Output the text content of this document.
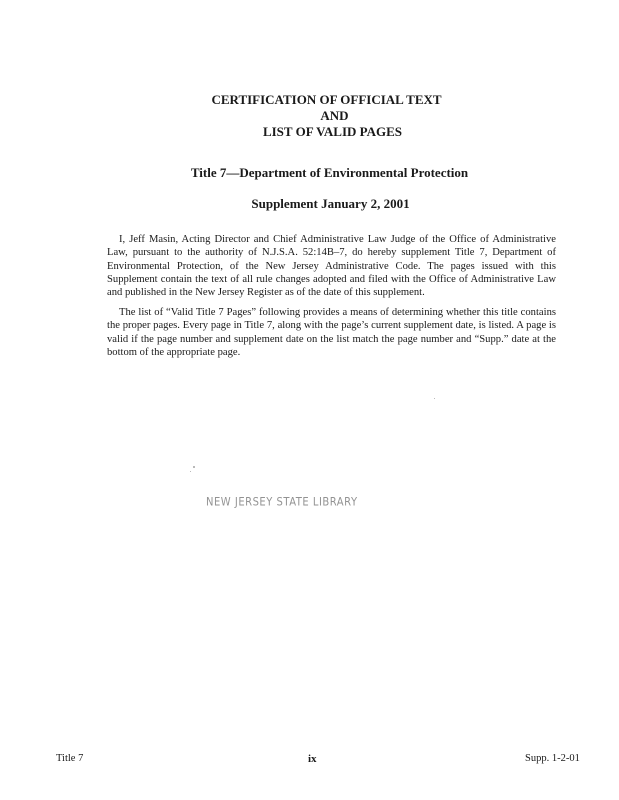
CERTIFICATION OF OFFICIAL TEXT
AND
LIST OF VALID PAGES
Title 7—Department of Environmental Protection
Supplement January 2, 2001

I, Jeff Masin, Acting Director and Chief Administrative Law Judge of the Office of Administrative Law, pursuant to the authority of N.J.S.A. 52:14B–7, do hereby supplement Title 7, Department of Environmental Protection, of the New Jersey Administrative Code. The pages issued with this Supplement contain the text of all rule changes adopted and filed with the Office of Administrative Law and published in the New Jersey Register as of the date of this supplement.

The list of “Valid Title 7 Pages” following provides a means of determining whether this title contains the proper pages. Every page in Title 7, along with the page’s current supplement date, is listed. A page is valid if the page number and supplement date on the list match the page number and “Supp.” date at the bottom of the appropriate page.

NEW JERSEY STATE LIBRARY
Title 7	ix	Supp. 1-2-01
